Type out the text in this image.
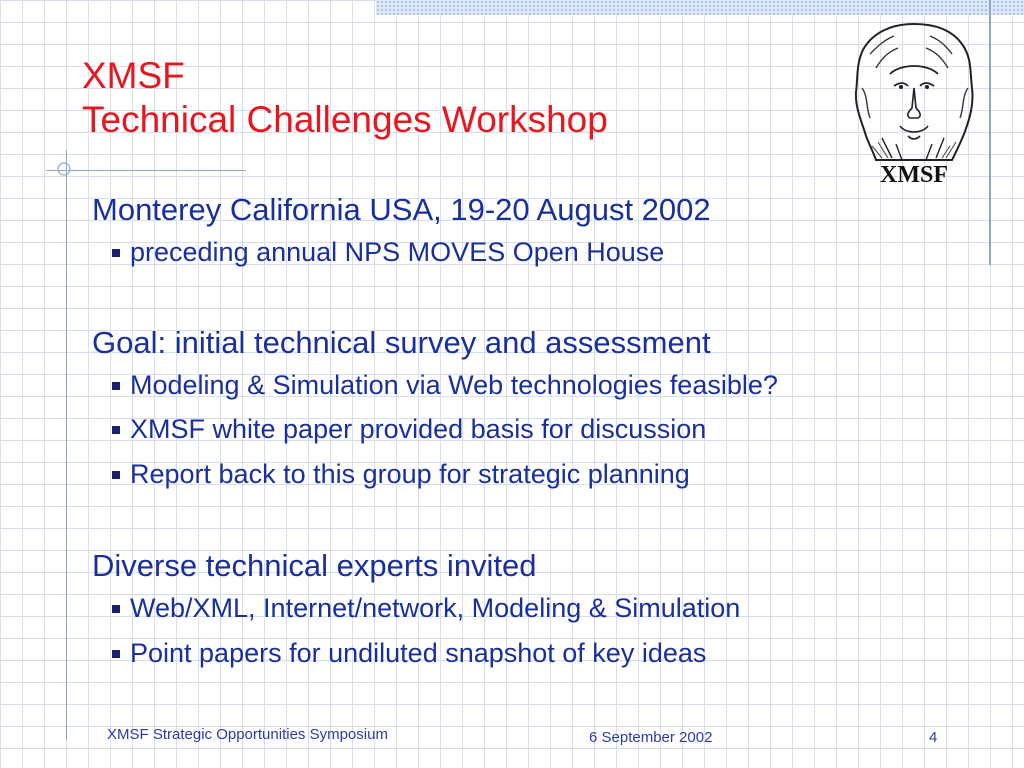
XMSF
Technical Challenges Workshop
XMSF

Monterey California USA, 19-20 August 2002

preceding annual NPS MOVES Open House

Goal: initial technical survey and assessment

Modeling & Simulation via Web technologies feasible?
XMSF white paper provided basis for discussion
Report back to this group for strategic planning

Diverse technical experts invited

Web/XML, Internet/network, Modeling & Simulation
Point papers for undiluted snapshot of key ideas
XMSF Strategic Opportunities Symposium	6 September 2002	4
